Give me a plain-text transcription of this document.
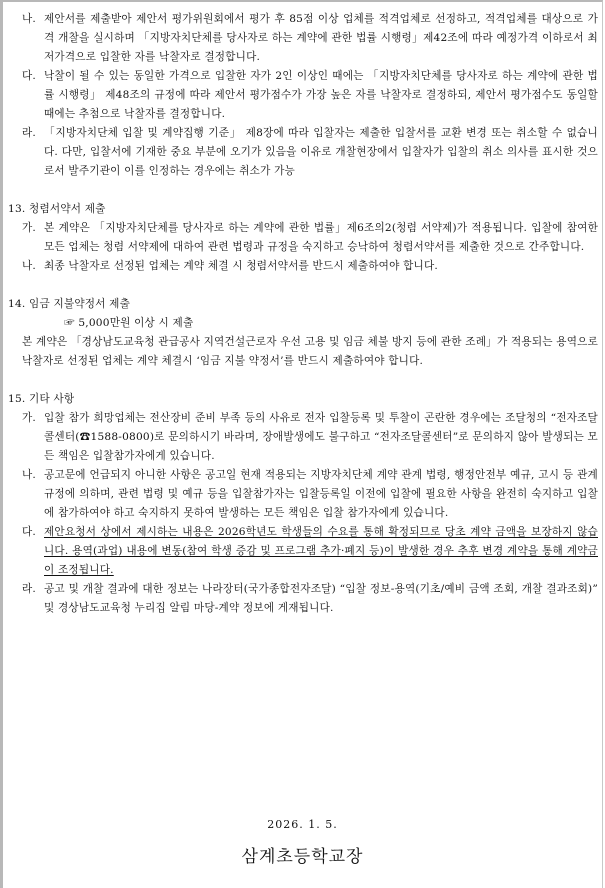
나. 제안서를 제출받아 제안서 평가위원회에서 평가 후 85점 이상 업체를 적격업체로 선정하고, 적격업체를 대상으로 가격 개찰을 실시하며 「지방자치단체를 당사자로 하는 계약에 관한 법률 시행령」제42조에 따라 예정가격 이하로서 최저가격으로 입찰한 자를 낙찰자로 결정합니다.
다. 낙찰이 될 수 있는 동일한 가격으로 입찰한 자가 2인 이상인 때에는 「지방자치단체를 당사자로 하는 계약에 관한 법률 시행령」 제48조의 규정에 따라 제안서 평가점수가 가장 높은 자를 낙찰자로 결정하되, 제안서 평가점수도 동일할 때에는 추첨으로 낙찰자를 결정합니다.
라. 「지방자치단체 입찰 및 계약집행 기준」 제8장에 따라 입찰자는 제출한 입찰서를 교환 변경 또는 취소할 수 없습니다. 다만, 입찰서에 기재한 중요 부분에 오기가 있음을 이유로 개찰현장에서 입찰자가 입찰의 취소 의사를 표시한 것으로서 발주기관이 이를 인정하는 경우에는 취소가 가능
13. 청렴서약서 제출
가. 본 계약은 「지방자치단체를 당사자로 하는 계약에 관한 법률」제6조의2(청렴 서약제)가 적용됩니다. 입찰에 참여한 모든 업체는 청렴 서약제에 대하여 관련 법령과 규정을 숙지하고 승낙하여 청렴서약서를 제출한 것으로 간주합니다.
나. 최종 낙찰자로 선정된 업체는 계약 체결 시 청렴서약서를 반드시 제출하여야 합니다.
14. 임금 지불약정서 제출
☞ 5,000만원 이상 시 제출
본 계약은 「경상남도교육청 관급공사 지역건설근로자 우선 고용 및 임금 체불 방지 등에 관한 조례」가 적용되는 용역으로 낙찰자로 선정된 업체는 계약 체결시 ‘임금 지불 약정서’를 반드시 제출하여야 합니다.
15. 기타 사항
가. 입찰 참가 희망업체는 전산장비 준비 부족 등의 사유로 전자 입찰등록 및 투찰이 곤란한 경우에는 조달청의 “전자조달콜센터(☎1588-0800)로 문의하시기 바라며, 장애발생에도 불구하고 “전자조달콜센터”로 문의하지 않아 발생되는 모든 책임은 입찰참가자에게 있습니다.
나. 공고문에 언급되지 아니한 사항은 공고일 현재 적용되는 지방자치단체 계약 관계 법령, 행정안전부 예규, 고시 등 관계 규정에 의하며, 관련 법령 및 예규 등을 입찰참가자는 입찰등록일 이전에 입찰에 필요한 사항을 완전히 숙지하고 입찰에 참가하여야 하고 숙지하지 못하여 발생하는 모든 책임은 입찰 참가자에게 있습니다.
다. 제안요청서 상에서 제시하는 내용은 2026학년도 학생들의 수요를 통해 확정되므로 당초 계약 금액을 보장하지 않습니다. 용역(과업) 내용에 변동(참여 학생 증감 및 프로그램 추가·폐지 등)이 발생한 경우 추후 변경 계약을 통해 계약금이 조정됩니다.
라. 공고 및 개찰 결과에 대한 정보는 나라장터(국가종합전자조달) “입찰 정보-용역(기초/예비 금액 조회, 개찰 결과조회)” 및 경상남도교육청 누리집 알림 마당-계약 정보에 게재됩니다.
2026. 1. 5.
삼계초등학교장
